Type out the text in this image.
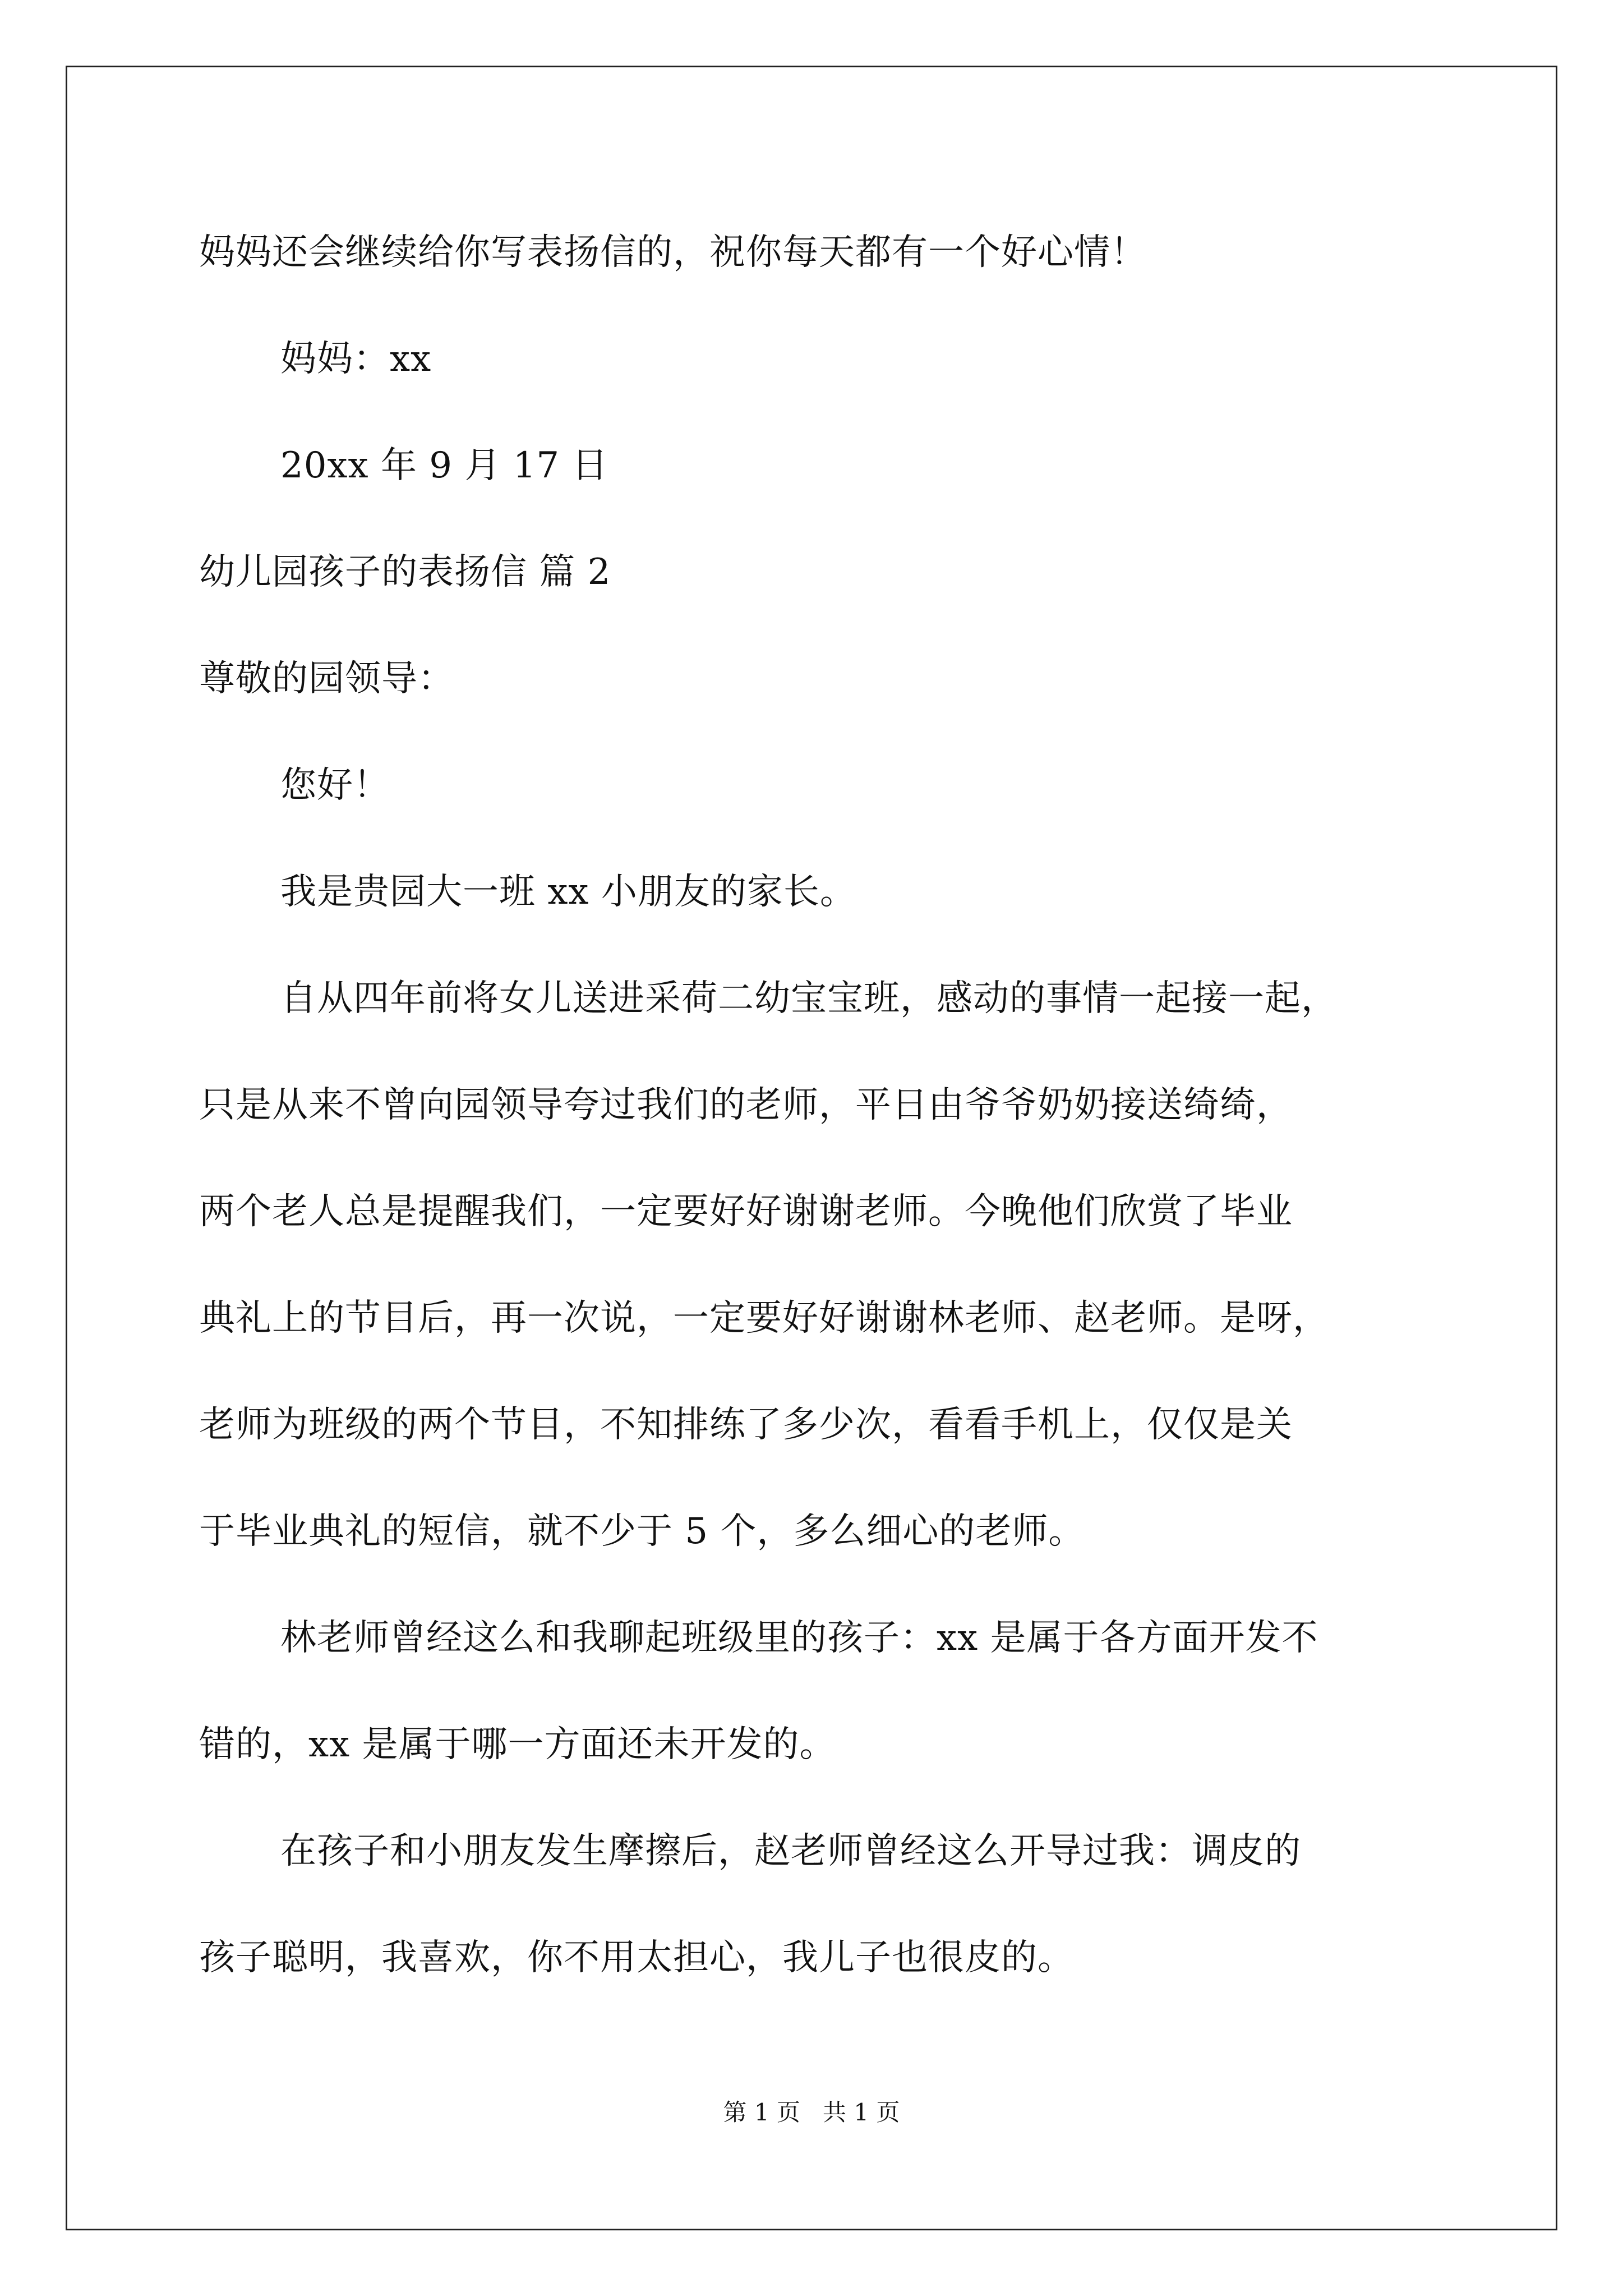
妈妈还会继续给你写表扬信的，祝你每天都有一个好心情！
妈妈：xx
20xx 年 9 月 17 日
幼儿园孩子的表扬信 篇 2
尊敬的园领导：
您好！
我是贵园大一班 xx 小朋友的家长。
自从四年前将女儿送进采荷二幼宝宝班，感动的事情一起接一起，
只是从来不曾向园领导夸过我们的老师，平日由爷爷奶奶接送绮绮，
两个老人总是提醒我们，一定要好好谢谢老师。今晚他们欣赏了毕业
典礼上的节目后，再一次说，一定要好好谢谢林老师、赵老师。是呀，
老师为班级的两个节目，不知排练了多少次，看看手机上，仅仅是关
于毕业典礼的短信，就不少于 5 个，多么细心的老师。
林老师曾经这么和我聊起班级里的孩子：xx 是属于各方面开发不
错的，xx 是属于哪一方面还未开发的。
在孩子和小朋友发生摩擦后，赵老师曾经这么开导过我：调皮的
孩子聪明，我喜欢，你不用太担心，我儿子也很皮的。
第 1 页   共 1 页
